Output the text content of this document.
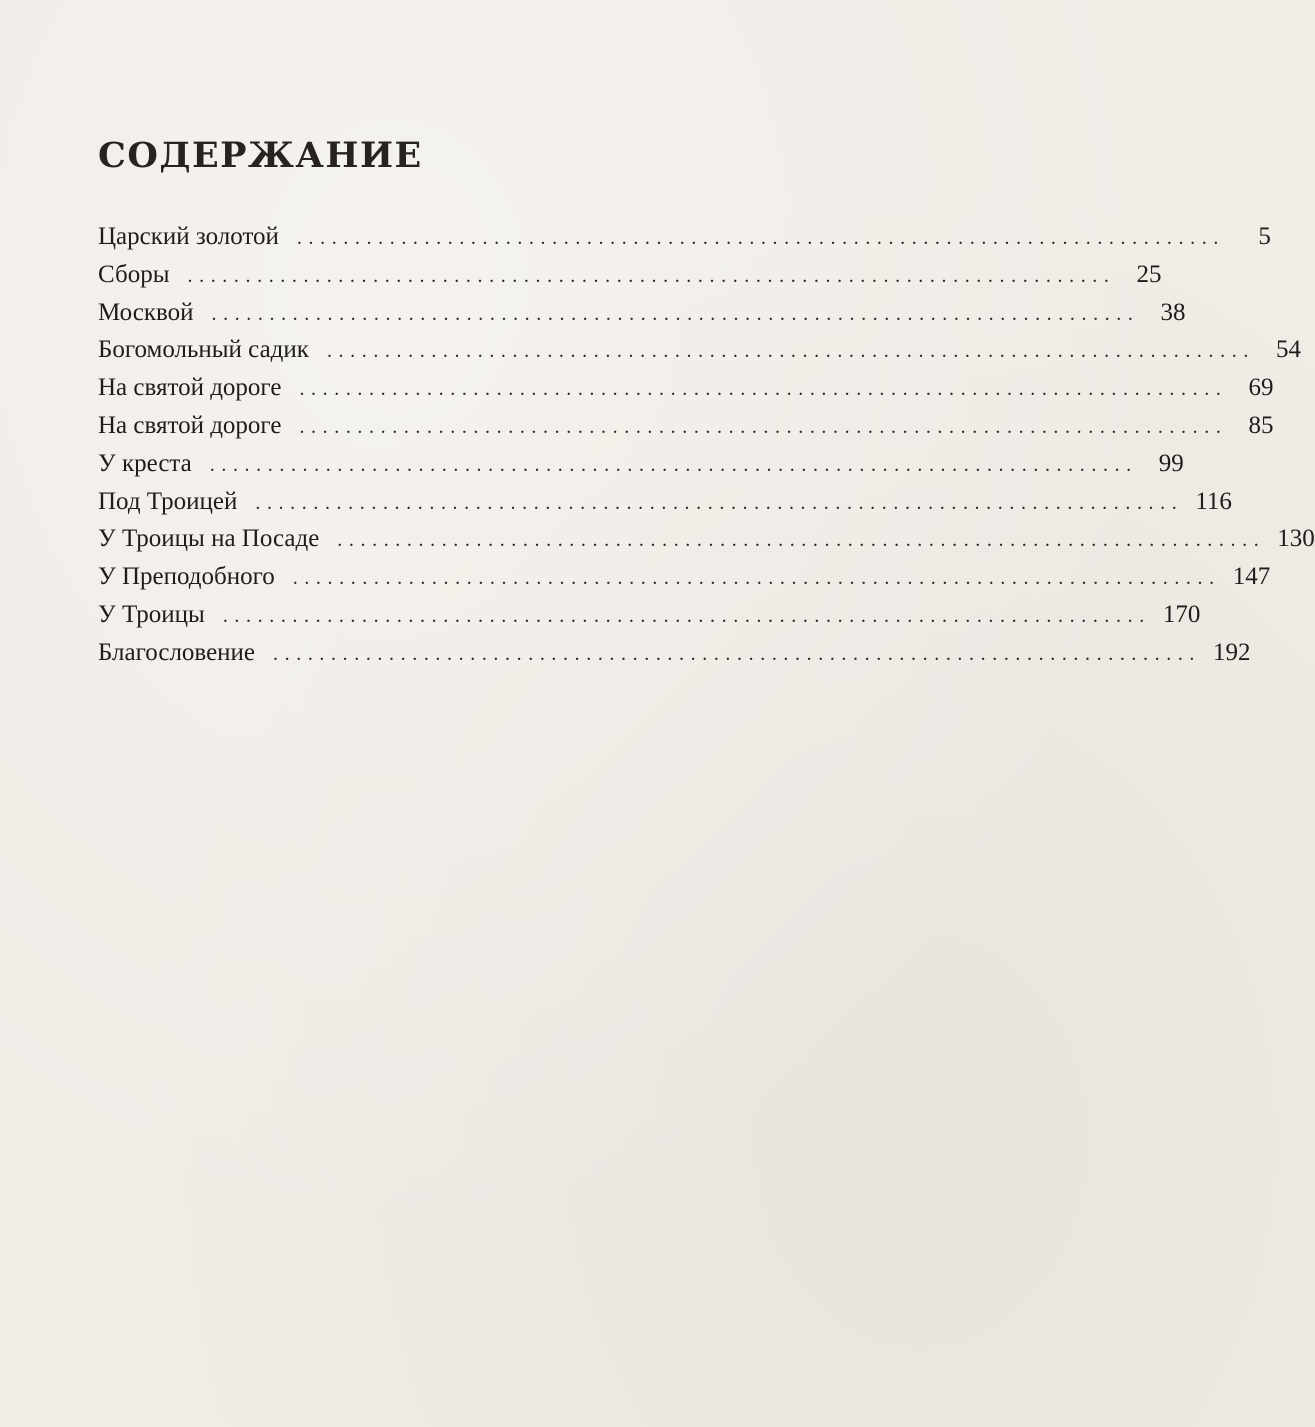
СОДЕРЖАНИЕ
Царский золотой ................................................................................	5
Сборы ................................................................................ 25
Москвой ................................................................................ 38
Богомольный садик ................................................................................ 54
На святой дороге ................................................................................ 69
На святой дороге ................................................................................ 85
У креста ................................................................................ 99
Под Троицей ................................................................................ 116
У Троицы на Посаде ................................................................................ 130
У Преподобного ................................................................................ 147
У Троицы ................................................................................ 170
Благословение ................................................................................ 192
